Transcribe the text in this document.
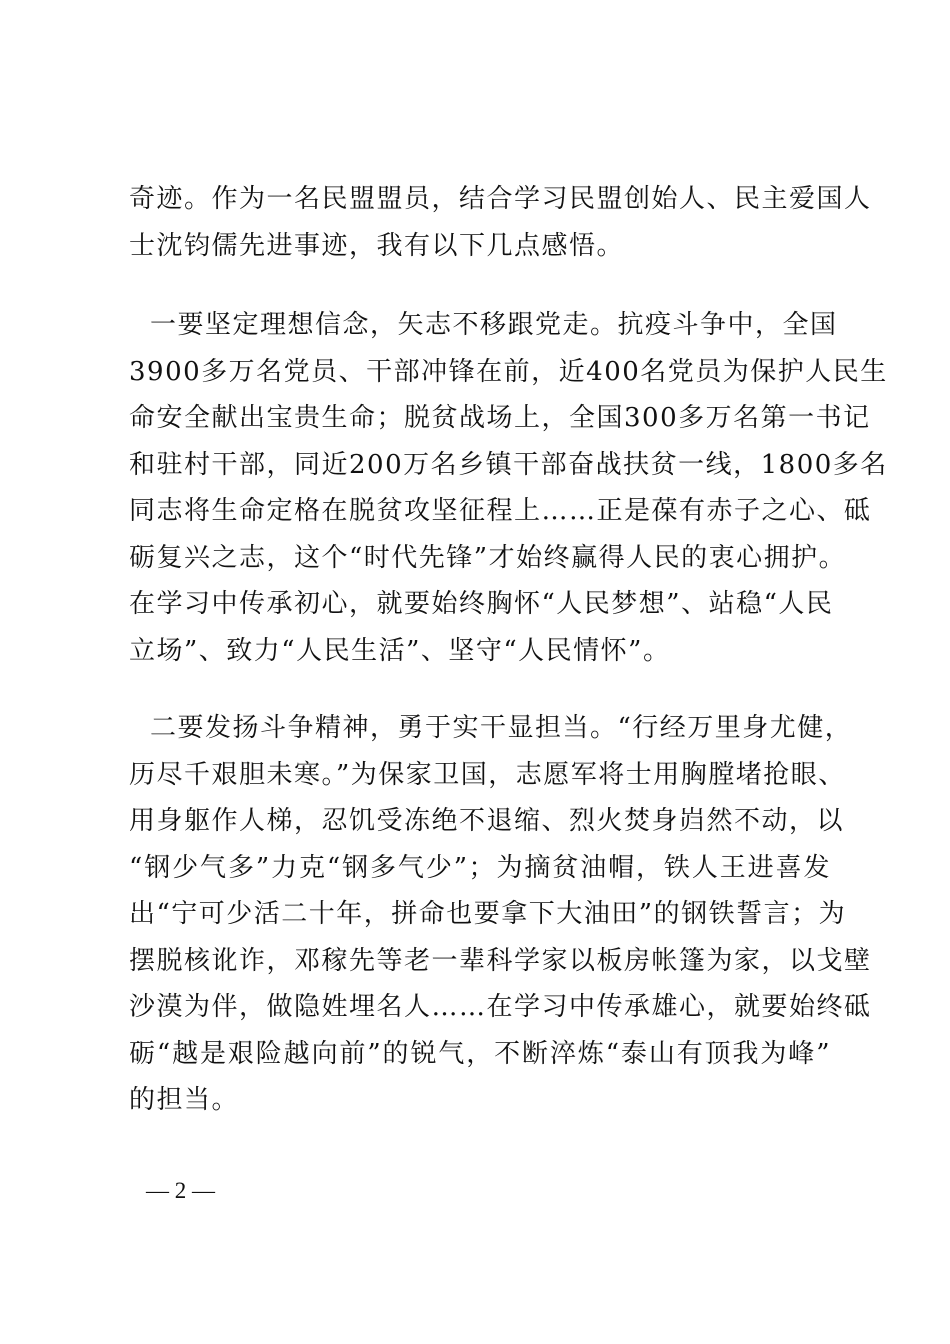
奇迹。作为一名民盟盟员，结合学习民盟创始人、民主爱国人
士沈钧儒先进事迹，我有以下几点感悟。
一要坚定理想信念，矢志不移跟党走。抗疫斗争中，全国
3900多万名党员、干部冲锋在前，近400名党员为保护人民生
命安全献出宝贵生命；脱贫战场上，全国300多万名第一书记
和驻村干部，同近200万名乡镇干部奋战扶贫一线，1800多名
同志将生命定格在脱贫攻坚征程上……正是葆有赤子之心、砥
砺复兴之志，这个“时代先锋”才始终赢得人民的衷心拥护。
在学习中传承初心，就要始终胸怀“人民梦想”、站稳“人民
立场”、致力“人民生活”、坚守“人民情怀”。
二要发扬斗争精神，勇于实干显担当。“行经万里身尤健，
历尽千艰胆未寒。”为保家卫国，志愿军将士用胸膛堵抢眼、
用身躯作人梯，忍饥受冻绝不退缩、烈火焚身岿然不动，以
“钢少气多”力克“钢多气少”；为摘贫油帽，铁人王进喜发
出“宁可少活二十年，拼命也要拿下大油田”的钢铁誓言；为
摆脱核讹诈，邓稼先等老一辈科学家以板房帐篷为家，以戈壁
沙漠为伴，做隐姓埋名人……在学习中传承雄心，就要始终砥
砺“越是艰险越向前”的锐气，不断淬炼“泰山有顶我为峰”
的担当。
— 2 —
